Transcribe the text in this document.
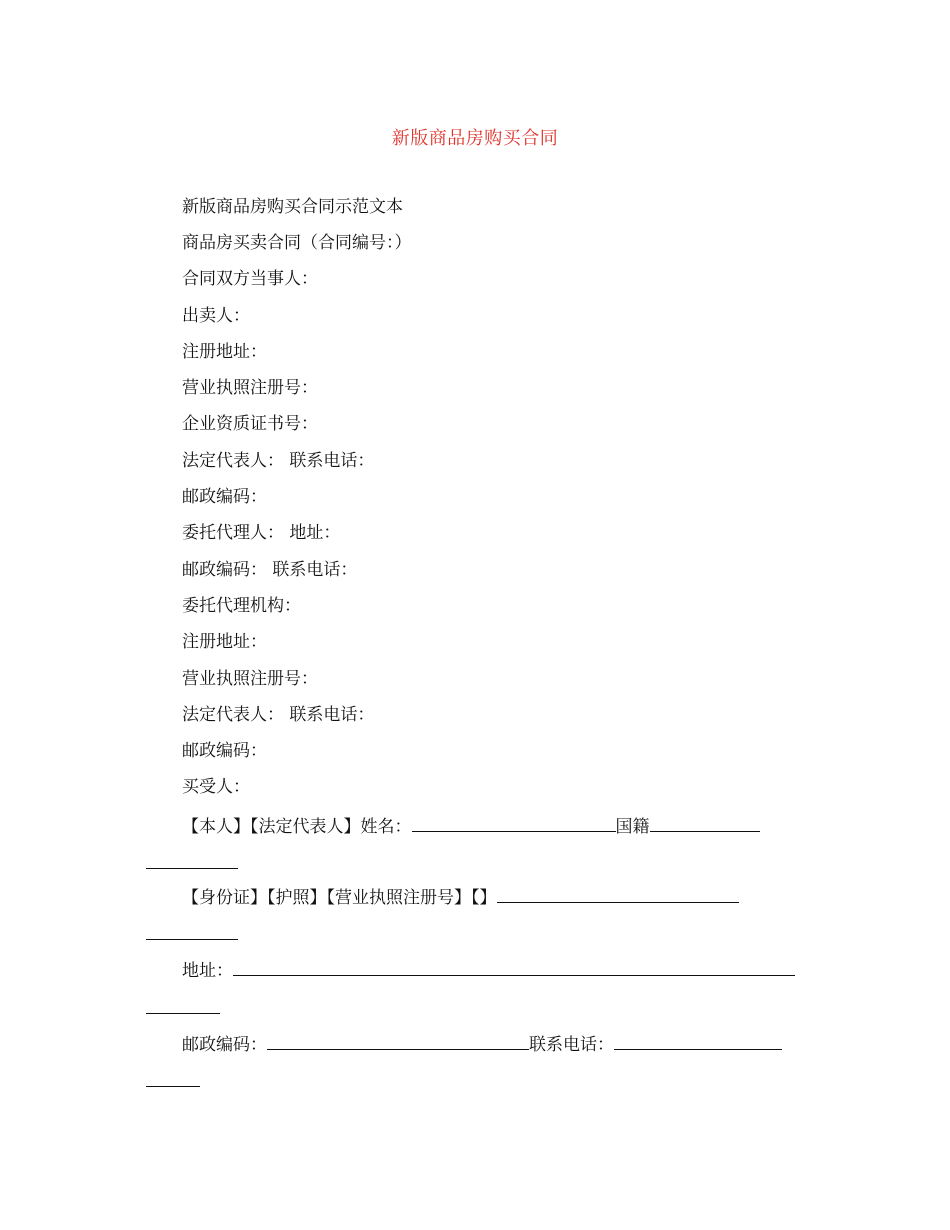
新版商品房购买合同
新版商品房购买合同示范文本
商品房买卖合同（合同编号：）
合同双方当事人：
出卖人：
注册地址：
营业执照注册号：
企业资质证书号：
法定代表人： 联系电话：
邮政编码：
委托代理人： 地址：
邮政编码： 联系电话：
委托代理机构：
注册地址：
营业执照注册号：
法定代表人： 联系电话：
邮政编码：
买受人：
【本人】【法定代表人】姓名：	国籍
【身份证】【护照】【营业执照注册号】【】
地址：
邮政编码：	联系电话：
